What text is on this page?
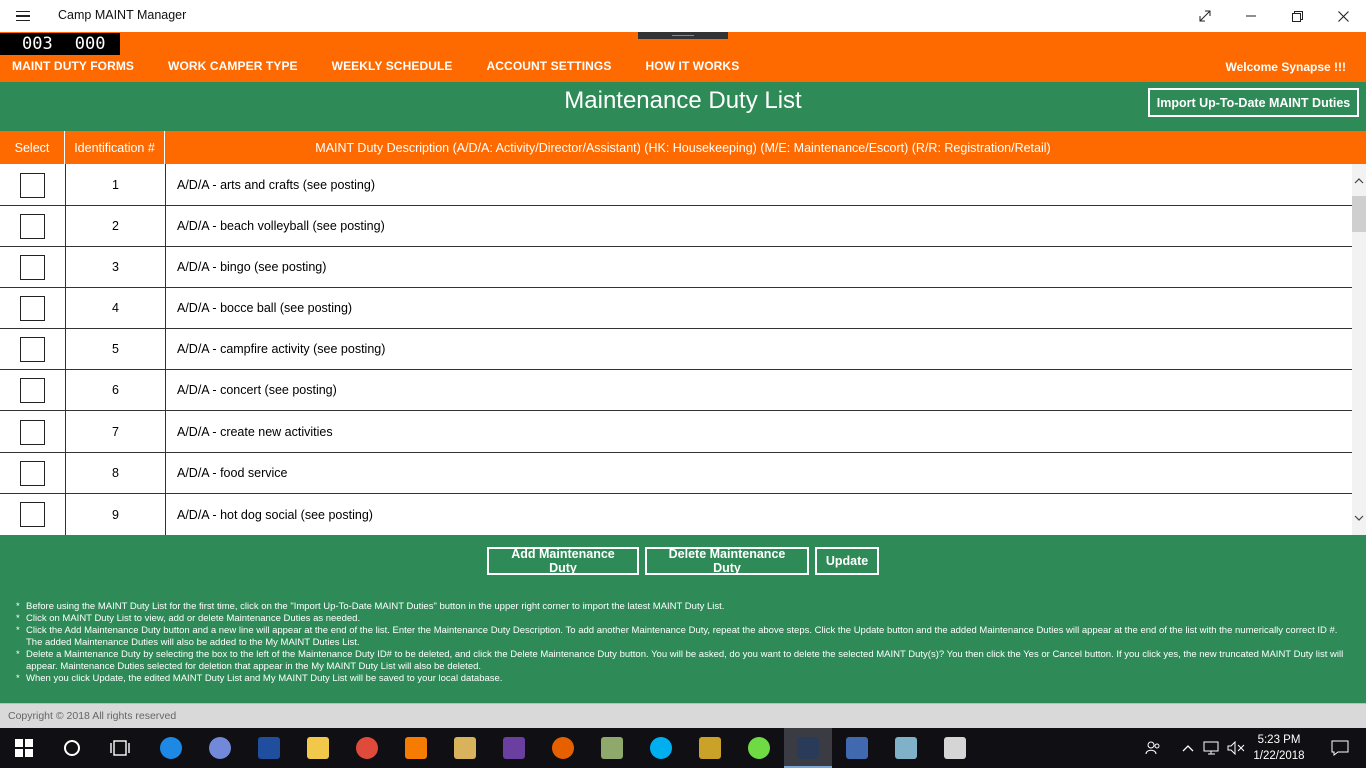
Camp MAINT Manager
003 000
MAINT DUTY FORMS	WORK CAMPER TYPE	WEEKLY SCHEDULE	ACCOUNT SETTINGS	HOW IT WORKS	Welcome Synapse !!!
Maintenance Duty List	Import Up-To-Date MAINT Duties
Select	Identification #	MAINT Duty Description (A/D/A: Activity/Director/Assistant) (HK: Housekeeping) (M/E: Maintenance/Escort) (R/R: Registration/Retail)
1	A/D/A - arts and crafts (see posting)
2	A/D/A - beach volleyball (see posting)
3	A/D/A - bingo (see posting)
4	A/D/A - bocce ball (see posting)
5	A/D/A - campfire activity (see posting)
6	A/D/A - concert (see posting)
7	A/D/A - create new activities
8	A/D/A - food service
9	A/D/A - hot dog social (see posting)
Add Maintenance Duty
Delete Maintenance Duty	Update
* Before using the MAINT Duty List for the first time, click on the "Import Up-To-Date MAINT Duties" button in the upper right corner to import the latest MAINT Duty List.
* Click on MAINT Duty List to view, add or delete Maintenance Duties as needed.
* Click the Add Maintenance Duty button and a new line will appear at the end of the list. Enter the Maintenance Duty Description. To add another Maintenance Duty, repeat the above steps. Click the Update button and the added Maintenance Duties will appear at the end of the list with the numerically correct ID #. The added Maintenance Duties will also be added to the My MAINT Duties List.
* Delete a Maintenance Duty by selecting the box to the left of the Maintenance Duty ID# to be deleted, and click the Delete Maintenance Duty button. You will be asked, do you want to delete the selected MAINT Duty(s)? You then click the Yes or Cancel button. If you click yes, the new truncated MAINT Duty list will appear. Maintenance Duties selected for deletion that appear in the My MAINT Duty List will also be deleted.
* When you click Update, the edited MAINT Duty List and My MAINT Duty List will be saved to your local database.
Copyright © 2018 All rights reserved
5:23 PM
1/22/2018
